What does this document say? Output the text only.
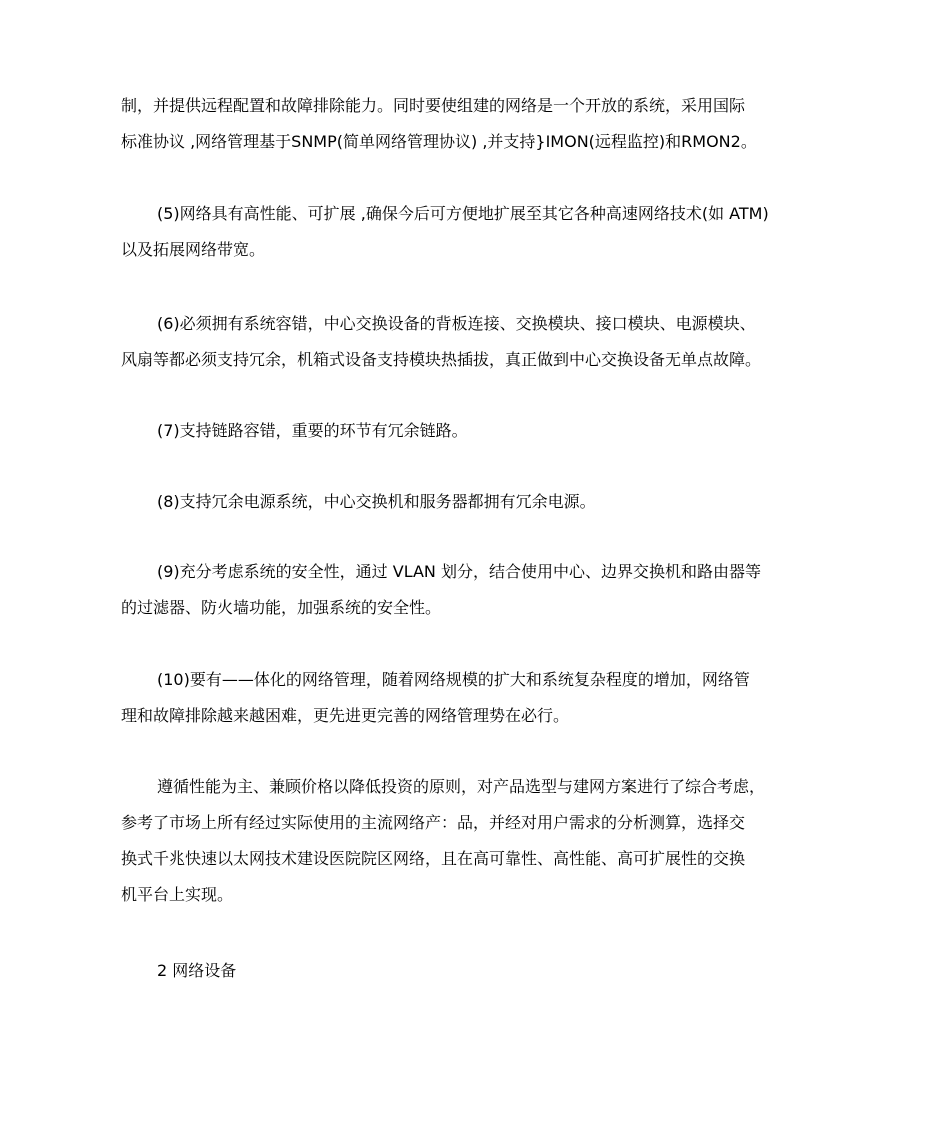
制，并提供远程配置和故障排除能力。同时要使组建的网络是一个开放的系统，采用国际
标准协议 ,网络管理基于SNMP(简单网络管理协议) ,并支持}IMON(远程监控)和RMON2。
(5)网络具有高性能、可扩展 ,确保今后可方便地扩展至其它各种高速网络技术(如 ATM)
以及拓展网络带宽。
(6)必须拥有系统容错，中心交换设备的背板连接、交换模块、接口模块、电源模块、
风扇等都必须支持冗余，机箱式设备支持模块热插拔，真正做到中心交换设备无单点故障。
(7)支持链路容错，重要的环节有冗余链路。
(8)支持冗余电源系统，中心交换机和服务器都拥有冗余电源。
(9)充分考虑系统的安全性，通过 VLAN 划分，结合使用中心、边界交换机和路由器等
的过滤器、防火墙功能，加强系统的安全性。
(10)要有——体化的网络管理，随着网络规模的扩大和系统复杂程度的增加，网络管
理和故障排除越来越困难，更先进更完善的网络管理势在必行。
遵循性能为主、兼顾价格以降低投资的原则，对产品选型与建网方案进行了综合考虑，
参考了市场上所有经过实际使用的主流网络产：品，并经对用户需求的分析测算，选择交
换式千兆快速以太网技术建设医院院区网络，且在高可靠性、高性能、高可扩展性的交换
机平台上实现。
2 网络设备
